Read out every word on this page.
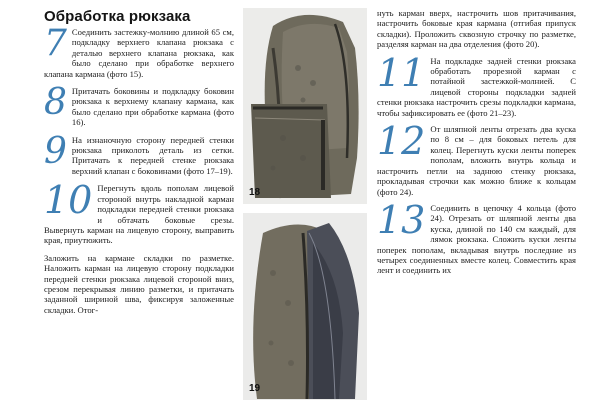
Обработка рюкзака
7 Соединить застежку-молнию длиной 65 см, подкладку верхнего клапана рюкзака с деталью верхнего клапана рюкзака, как было сделано при обработке верхнего клапана кармана (фото 15).
8 Притачать боковины и подкладку боковин рюкзака к верхнему клапану кармана, как было сделано при обработке кармана (фото 16).
9 На изнаночную сторону передней стенки рюкзака приколоть деталь из сетки. Притачать к передней стенке рюкзака верхний клапан с боковинами (фото 17–19).
10 Перегнуть вдоль пополам лицевой стороной внутрь накладной карман подкладки передней стенки рюкзака и обтачать боковые срезы. Вывернуть карман на лицевую сторону, выправить края, приутюжить.

Заложить на кармане складки по разметке. Наложить карман на лицевую сторону подкладки передней стенки рюкзака лицевой стороной вниз, срезом перекрывая линию разметки, и притачать заданной шириной шва, фиксируя заложенные складки. Отог-

18
19

нуть карман вверх, настрочить шов притачивания, настрочить боковые края кармана (отгибая припуск складки). Проложить сквозную строчку по разметке, разделяя карман на два отделения (фото 20).

11 На подкладке задней стенки рюкзака обработать прорезной карман с потайной застежкой-молнией. С лицевой стороны подкладки задней стенки рюкзака настрочить срезы подкладки кармана, чтобы зафиксировать ее (фото 21–23).
12 От шляпной ленты отрезать два куска по 8 см – для боковых петель для колец. Перегнуть куски ленты поперек пополам, вложить внутрь кольца и настрочить петли на заднюю стенку рюкзака, прокладывая строчки как можно ближе к кольцам (фото 24).
13 Соединить в цепочку 4 кольца (фото 24). Отрезать от шляпной ленты два куска, длиной по 140 см каждый, для лямок рюкзака. Сложить куски ленты поперек пополам, вкладывая внутрь последние из четырех соединенных вместе колец. Совместить края лент и соединить их
